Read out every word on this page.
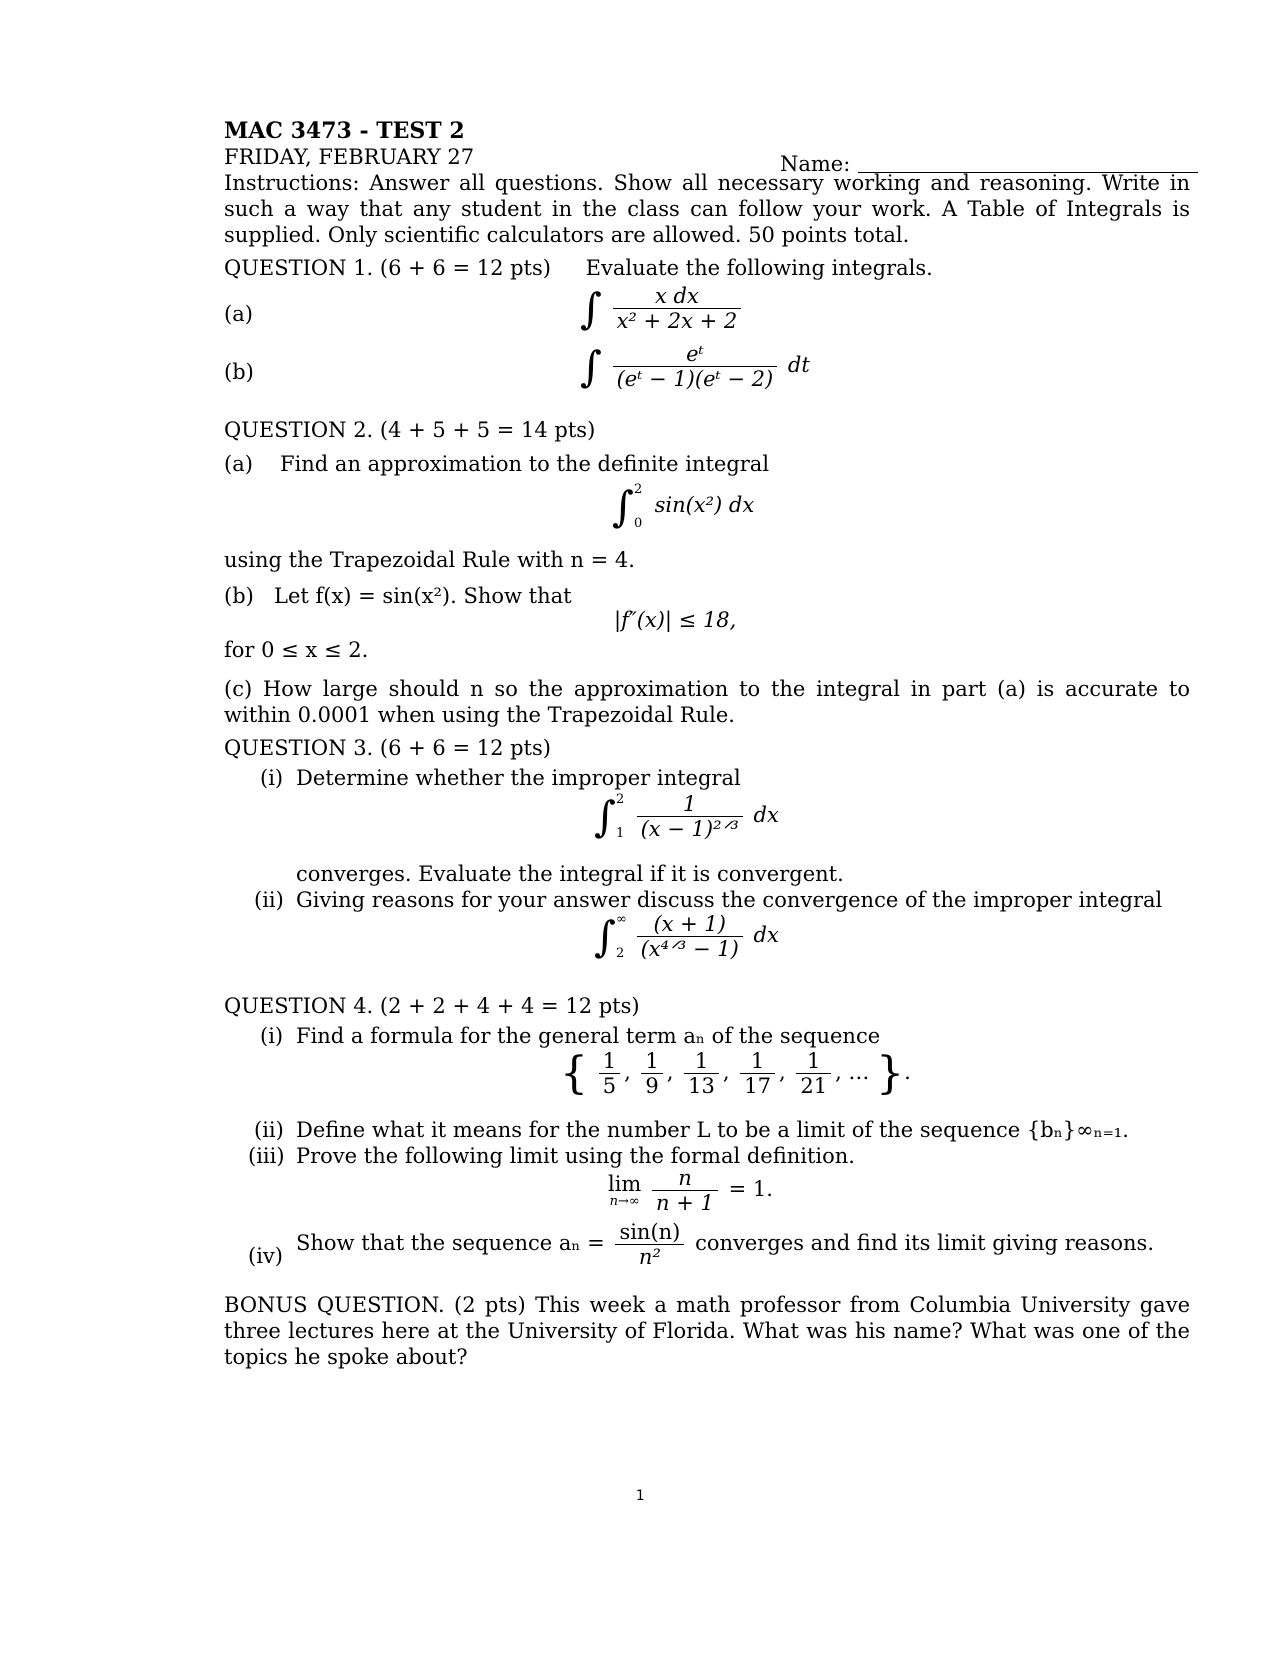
MAC 3473 - TEST 2
FRIDAY, FEBRUARY 27	Name:
Instructions: Answer all questions. Show all necessary working and reasoning. Write in such a way that any student in the class can follow your work. A Table of Integrals is supplied. Only scientific calculators are allowed. 50 points total.
QUESTION 1. (6 + 6 = 12 pts) Evaluate the following integrals.
(a)	∫ $\frac{\text{x dx}}{\text{x² + 2x + 2}}$
(b)	∫ $\frac{\text{eᵗ}}{\text{(eᵗ − 1)(eᵗ − 2)}}$ dt
QUESTION 2. (4 + 5 + 5 = 14 pts)
(a) Find an approximation to the definite integral
∫ 2
0
sin(x²) dx
using the Trapezoidal Rule with n = 4.
(b) Let f(x) = sin(x²). Show that
|f″(x)| ≤ 18,
for 0 ≤ x ≤ 2.
(c) How large should n so the approximation to the integral in part (a) is accurate to within 0.0001 when using the Trapezoidal Rule.
QUESTION 3. (6 + 6 = 12 pts)
(i) Determine whether the improper integral
∫ 2
1
$\frac{1}{\text{(x − 1)²ᐟ³}}$ dx
converges. Evaluate the integral if it is convergent.
(ii) Giving reasons for your answer discuss the convergence of the improper integral
∫ ∞
2
$\frac{(x + 1)}{\text{(x⁴ᐟ³ − 1)}}$ dx
QUESTION 4. (2 + 2 + 4 + 4 = 12 pts)
(i) Find a formula for the general term aₙ of the sequence
{ $\frac{1}{5}$ , $\frac{1}{9}$ , $\frac{1}{13}$ , $\frac{1}{17}$ , $\frac{1}{21}$ , … }.
(ii) Define what it means for the number L to be a limit of the sequence {bₙ}∞ₙ₌₁.
(iii) Prove the following limit using the formal definition.
lim
n→∞
$\frac{n}{n + 1} = 1$.
(iv)
Show that the sequence $a_n = \frac{\sin(n)}{\text{n²}}$ converges and find its limit giving reasons.
BONUS QUESTION. (2 pts) This week a math professor from Columbia University gave three lectures here at the University of Florida. What was his name? What was one of the topics he spoke about?
1
